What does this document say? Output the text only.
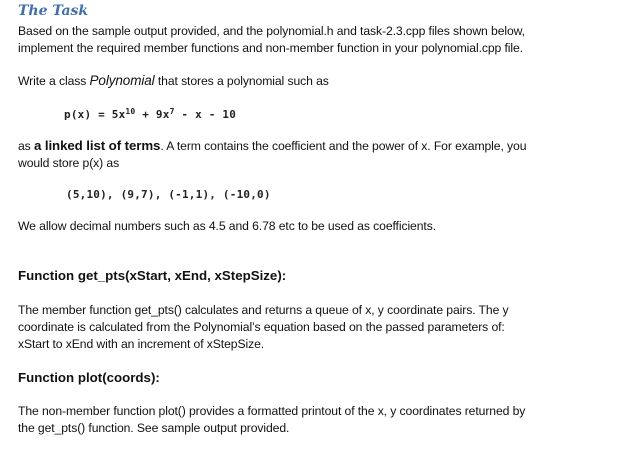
The Task
Based on the sample output provided, and the polynomial.h and task-2.3.cpp files shown below,
implement the required member functions and non-member function in your polynomial.cpp file.
Write a class Polynomial that stores a polynomial such as
$p(x) = 5x^{10} + 9x^7 - x - 10$
as a linked list of terms. A term contains the coefficient and the power of x. For example, you
would store p(x) as
(5,10), (9,7), (-1,1), (-10,0)
We allow decimal numbers such as 4.5 and 6.78 etc to be used as coefficients.
Function get_pts(xStart, xEnd, xStepSize):
The member function get_pts() calculates and returns a queue of x, y coordinate pairs. The y
coordinate is calculated from the Polynomial’s equation based on the passed parameters of:
xStart to xEnd with an increment of xStepSize.
Function plot(coords):
The non-member function plot() provides a formatted printout of the x, y coordinates returned by
the get_pts() function. See sample output provided.
